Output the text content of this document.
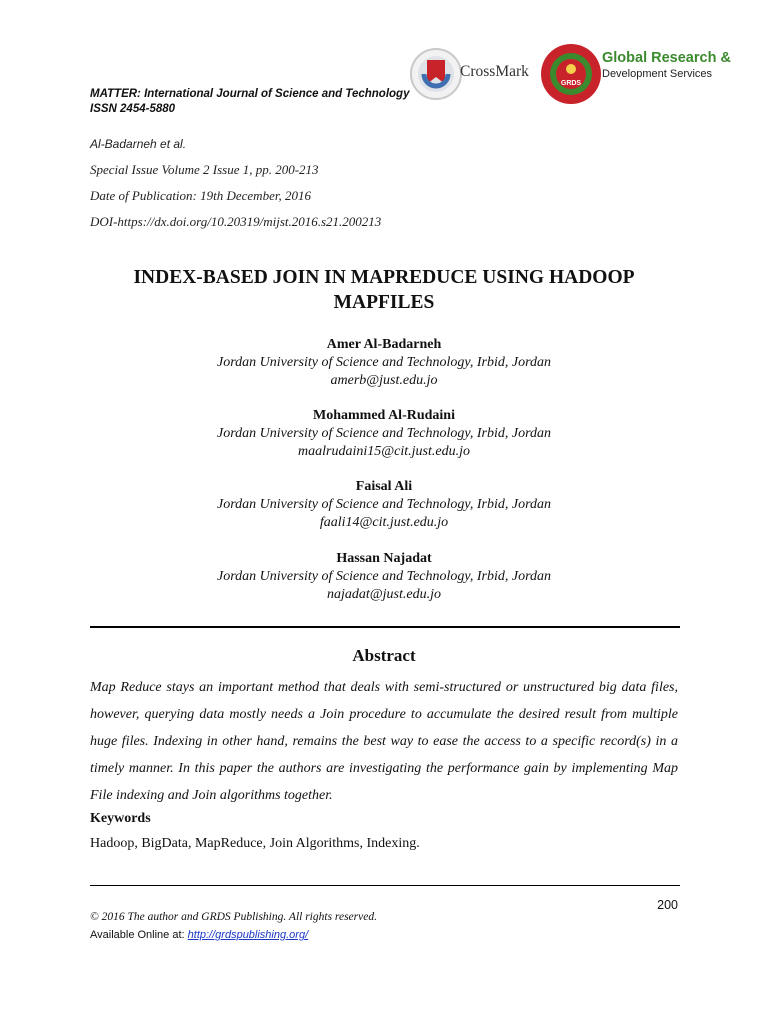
MATTER: International Journal of Science and Technology
ISSN 2454-5880
Al-Badarneh et al.
Special Issue Volume 2 Issue 1, pp. 200-213
Date of Publication: 19th December, 2016
DOI-https://dx.doi.org/10.20319/mijst.2016.s21.200213
CrossMark
GRDS
Global Research &
Development Services
INDEX-BASED JOIN IN MAPREDUCE USING HADOOP
MAPFILES
Amer Al-Badarneh
Jordan University of Science and Technology, Irbid, Jordan
amerb@just.edu.jo
Mohammed Al-Rudaini
Jordan University of Science and Technology, Irbid, Jordan
maalrudaini15@cit.just.edu.jo
Faisal Ali
Jordan University of Science and Technology, Irbid, Jordan
faali14@cit.just.edu.jo
Hassan Najadat
Jordan University of Science and Technology, Irbid, Jordan
najadat@just.edu.jo
Abstract
Map Reduce stays an important method that deals with semi-structured or unstructured big data files, however, querying data mostly needs a Join procedure to accumulate the desired result from multiple huge files. Indexing in other hand, remains the best way to ease the access to a specific record(s) in a timely manner. In this paper the authors are investigating the performance gain by implementing Map File indexing and Join algorithms together.
Keywords
Hadoop, BigData, MapReduce, Join Algorithms, Indexing.
200
© 2016 The author and GRDS Publishing. All rights reserved.
Available Online at: http://grdspublishing.org/
